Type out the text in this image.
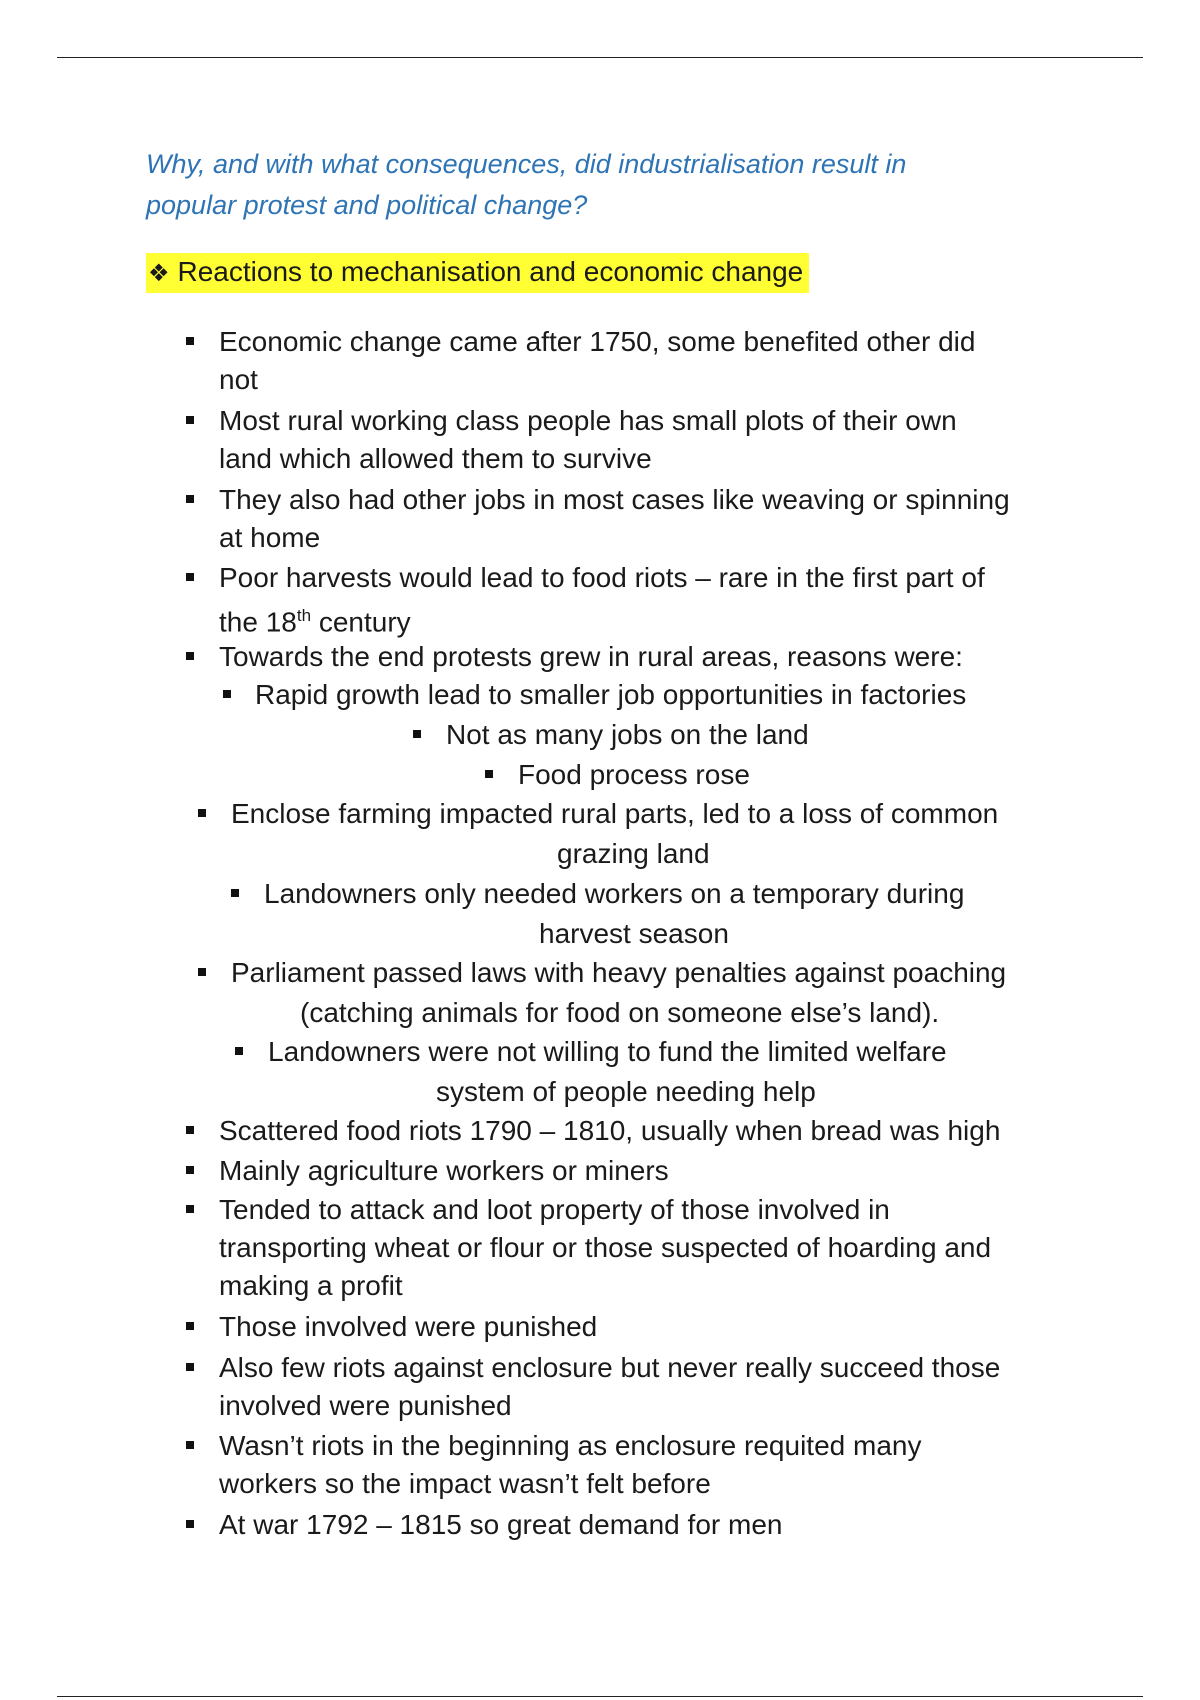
Why, and with what consequences, did industrialisation result in
popular protest and political change?
❖ Reactions to mechanisation and economic change
Economic change came after 1750, some benefited other did
not
Most rural working class people has small plots of their own
land which allowed them to survive
They also had other jobs in most cases like weaving or spinning
at home
Poor harvests would lead to food riots – rare in the first part of
the 18th century
Towards the end protests grew in rural areas, reasons were:
Rapid growth lead to smaller job opportunities in factories
Not as many jobs on the land
Food process rose
Enclose farming impacted rural parts, led to a loss of common
grazing land
Landowners only needed workers on a temporary during
harvest season
Parliament passed laws with heavy penalties against poaching
(catching animals for food on someone else’s land).
Landowners were not willing to fund the limited welfare
system of people needing help
Scattered food riots 1790 – 1810, usually when bread was high
Mainly agriculture workers or miners
Tended to attack and loot property of those involved in
transporting wheat or flour or those suspected of hoarding and
making a profit
Those involved were punished
Also few riots against enclosure but never really succeed those
involved were punished
Wasn’t riots in the beginning as enclosure requited many
workers so the impact wasn’t felt before
At war 1792 – 1815 so great demand for men
